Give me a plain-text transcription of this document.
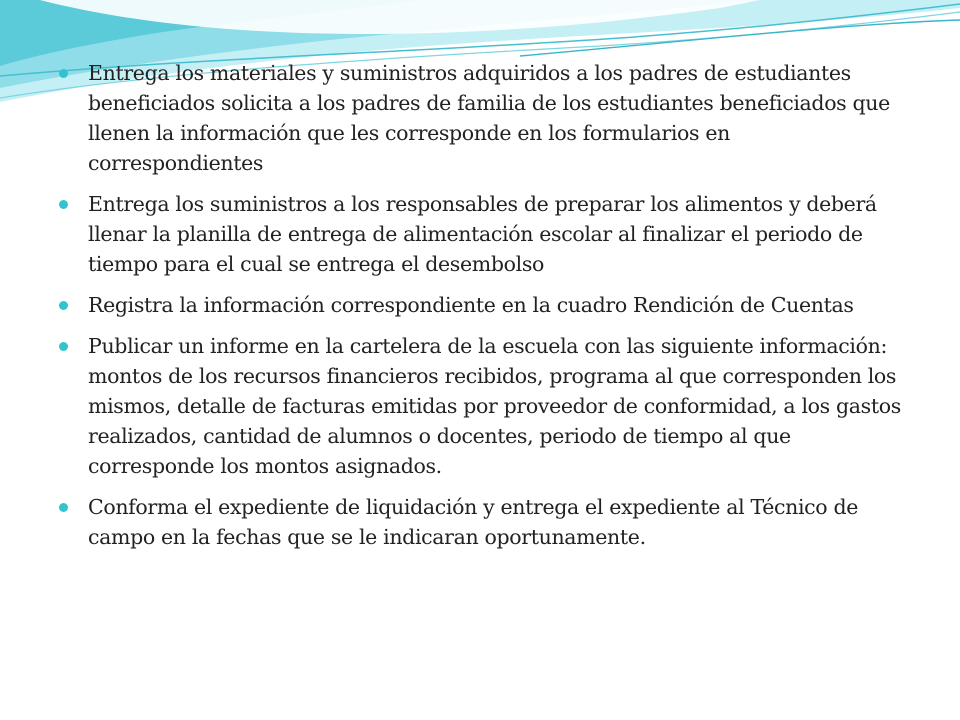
Entrega los materiales y suministros adquiridos a los padres de estudiantes beneficiados solicita a los padres de familia de los estudiantes beneficiados que llenen la información que les corresponde en los formularios en correspondientes
Entrega los suministros a los responsables de preparar los alimentos y deberá llenar la planilla de entrega de alimentación escolar al finalizar el periodo de tiempo para el cual se entrega el desembolso
Registra la información correspondiente en la cuadro Rendición de Cuentas
Publicar un informe en la cartelera de la escuela con las siguiente información: montos de los recursos financieros recibidos, programa al que corresponden los mismos, detalle de facturas emitidas por proveedor de conformidad, a los gastos realizados, cantidad de alumnos o docentes, periodo de tiempo al que corresponde los montos asignados.
Conforma el expediente de liquidación y entrega el expediente al Técnico de campo en la fechas que se le indicaran oportunamente.
